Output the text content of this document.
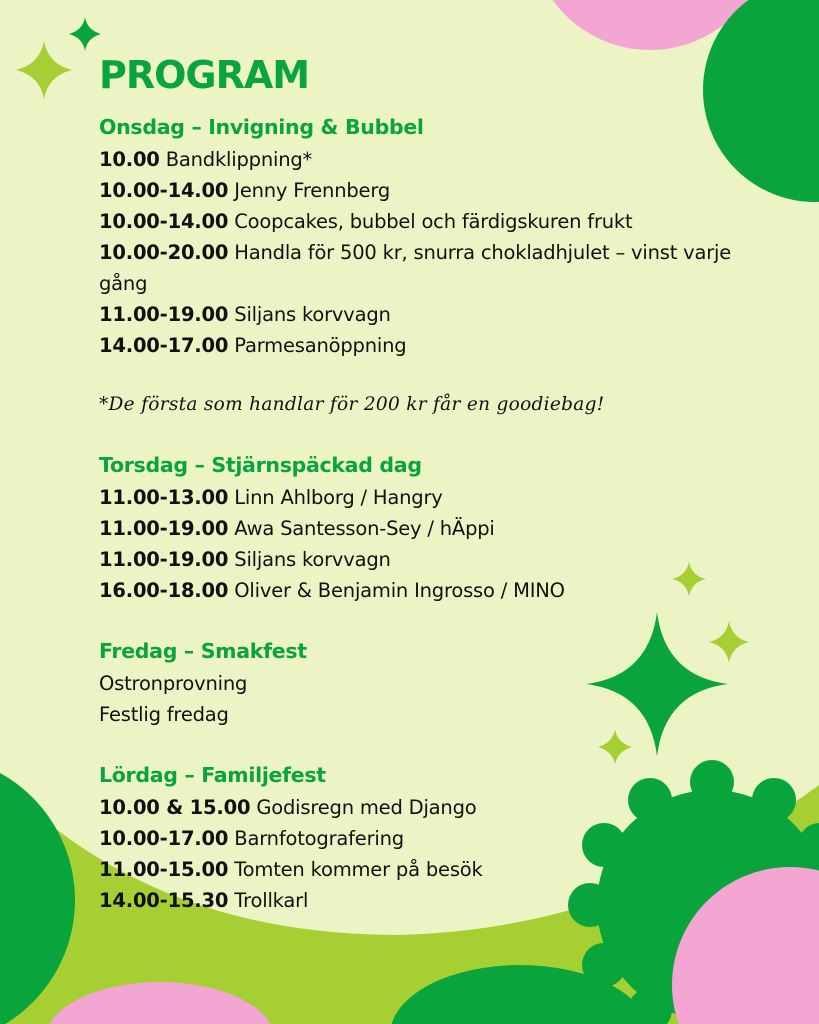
PROGRAM
Onsdag – Invigning & Bubbel
10.00 Bandklippning*
10.00-14.00 Jenny Frennberg
10.00-14.00 Coopcakes, bubbel och färdigskuren frukt
10.00-20.00 Handla för 500 kr, snurra chokladhjulet – vinst varje gång
11.00-19.00 Siljans korvvagn
14.00-17.00 Parmesanöppning
*De första som handlar för 200 kr får en goodiebag!
Torsdag – Stjärnspäckad dag
11.00-13.00 Linn Ahlborg / Hangry
11.00-19.00 Awa Santesson-Sey / hÄppi
11.00-19.00 Siljans korvvagn
16.00-18.00 Oliver & Benjamin Ingrosso / MINO
Fredag – Smakfest
Ostronprovning
Festlig fredag
Lördag – Familjefest
10.00 & 15.00 Godisregn med Django
10.00-17.00 Barnfotografering
11.00-15.00 Tomten kommer på besök
14.00-15.30 Trollkarl
